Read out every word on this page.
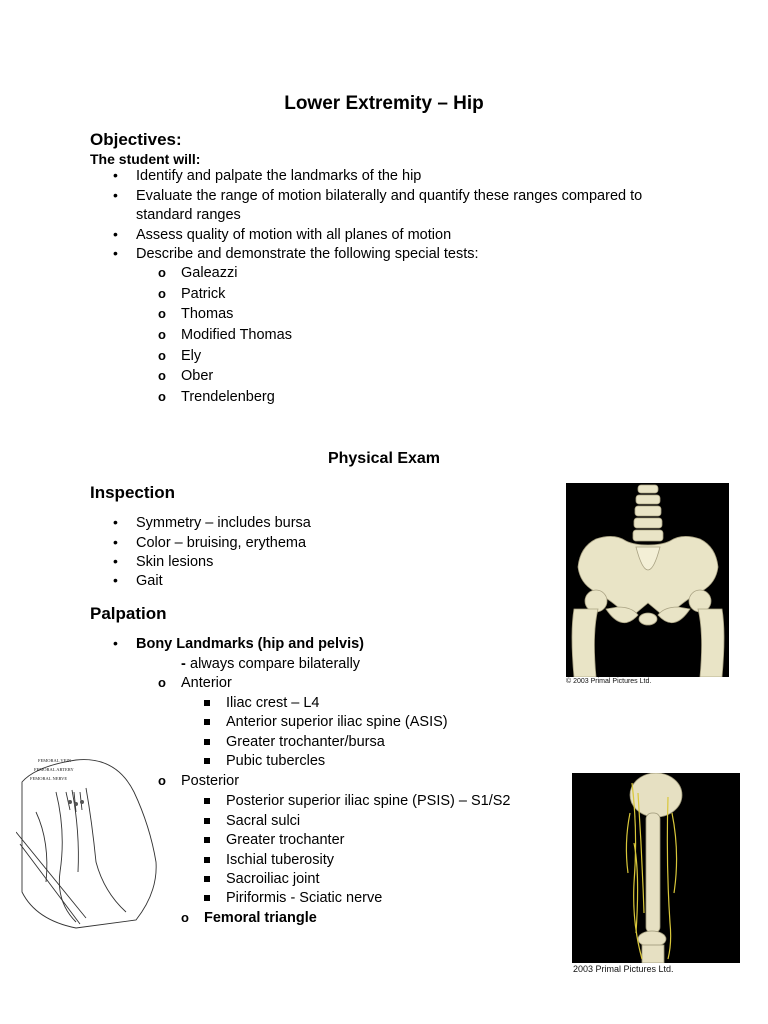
Lower Extremity – Hip
Objectives:
The student will:
• Identify and palpate the landmarks of the hip
• Evaluate the range of motion bilaterally and quantify these ranges compared to
standard ranges
• Assess quality of motion with all planes of motion
• Describe and demonstrate the following special tests:
o Galeazzi
o Patrick
o Thomas
o Modified Thomas
o Ely
o Ober
o Trendelenberg
Physical Exam
Inspection
• Symmetry – includes bursa
• Color – bruising, erythema
• Skin lesions
• Gait
Palpation
• Bony Landmarks (hip and pelvis)
- always compare bilaterally
o Anterior
Iliac crest – L4
Anterior superior iliac spine (ASIS)
Greater trochanter/bursa
Pubic tubercles
o Posterior
Posterior superior iliac spine (PSIS) – S1/S2
Sacral sulci
Greater trochanter
Ischial tuberosity
Sacroiliac joint
Piriformis - Sciatic nerve
o Femoral triangle
© 2003 Primal Pictures Ltd.
FEMORAL VEIN
FEMORAL ARTERY
FEMORAL NERVE
2003 Primal Pictures Ltd.
